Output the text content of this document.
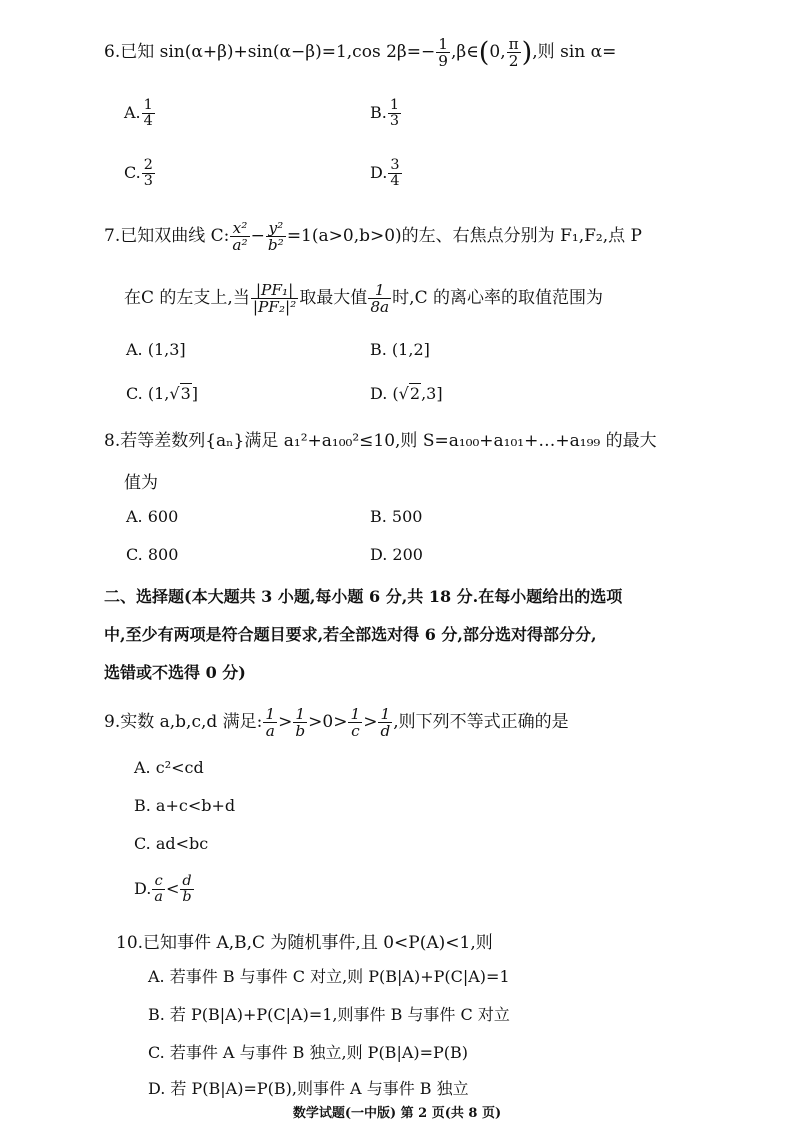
6.已知 sin(α+β)+sin(α−β)=1,cos $2\beta=- \frac{1}{9}$ ,β∈(0, $\frac{\pi}{2}$ ),则 sin α=
A. $\frac{1}{4}$	B. $\frac{1}{3}$
C. $\frac{2}{3}$	D. $\frac{3}{4}$
7.已知双曲线 C: $\frac{\text{x²}}{\text{a²}} - \frac{\text{y²}}{\text{b²}} =1(a>0,b>0)$的左、右焦点分别为 F₁,F₂,点 P
在C 的左支上,当 $\frac{\text{|PF₁|}}{\text{|PF₂|²}}$ 取最大值 $\frac{1}{8a}$ 时,C 的离心率的取值范围为
A. (1,3]	B. (1,2]
C. (1,√3]	D. (√2,3]
8.若等差数列{aₙ}满足 a₁²+a₁₀₀²≤10,则 S=a₁₀₀+a₁₀₁+…+a₁₉₉ 的最大
值为
A. 600	B. 500
C. 800	D. 200
二、选择题(本大题共 3 小题,每小题 6 分,共 18 分.在每小题给出的选项
中,至少有两项是符合题目要求,若全部选对得 6 分,部分选对得部分分,
选错或不选得 0 分)
9.实数 a,b,c,d 满足: $\frac{1}{a} > \frac{1}{b} >0> \frac{1}{c} > \frac{1}{d}$ ,则下列不等式正确的是
A. c²<cd
B. a+c<b+d
C. ad<bc
D. $\frac{c}{a} < \frac{d}{b}$
10.已知事件 A,B,C 为随机事件,且 0<P(A)<1,则
A. 若事件 B 与事件 C 对立,则 P(B|A)+P(C|A)=1
B. 若 P(B|A)+P(C|A)=1,则事件 B 与事件 C 对立
C. 若事件 A 与事件 B 独立,则 P(B|A)=P(B)
D. 若 P(B|A)=P(B),则事件 A 与事件 B 独立
数学试题(一中版) 第 2 页(共 8 页)
